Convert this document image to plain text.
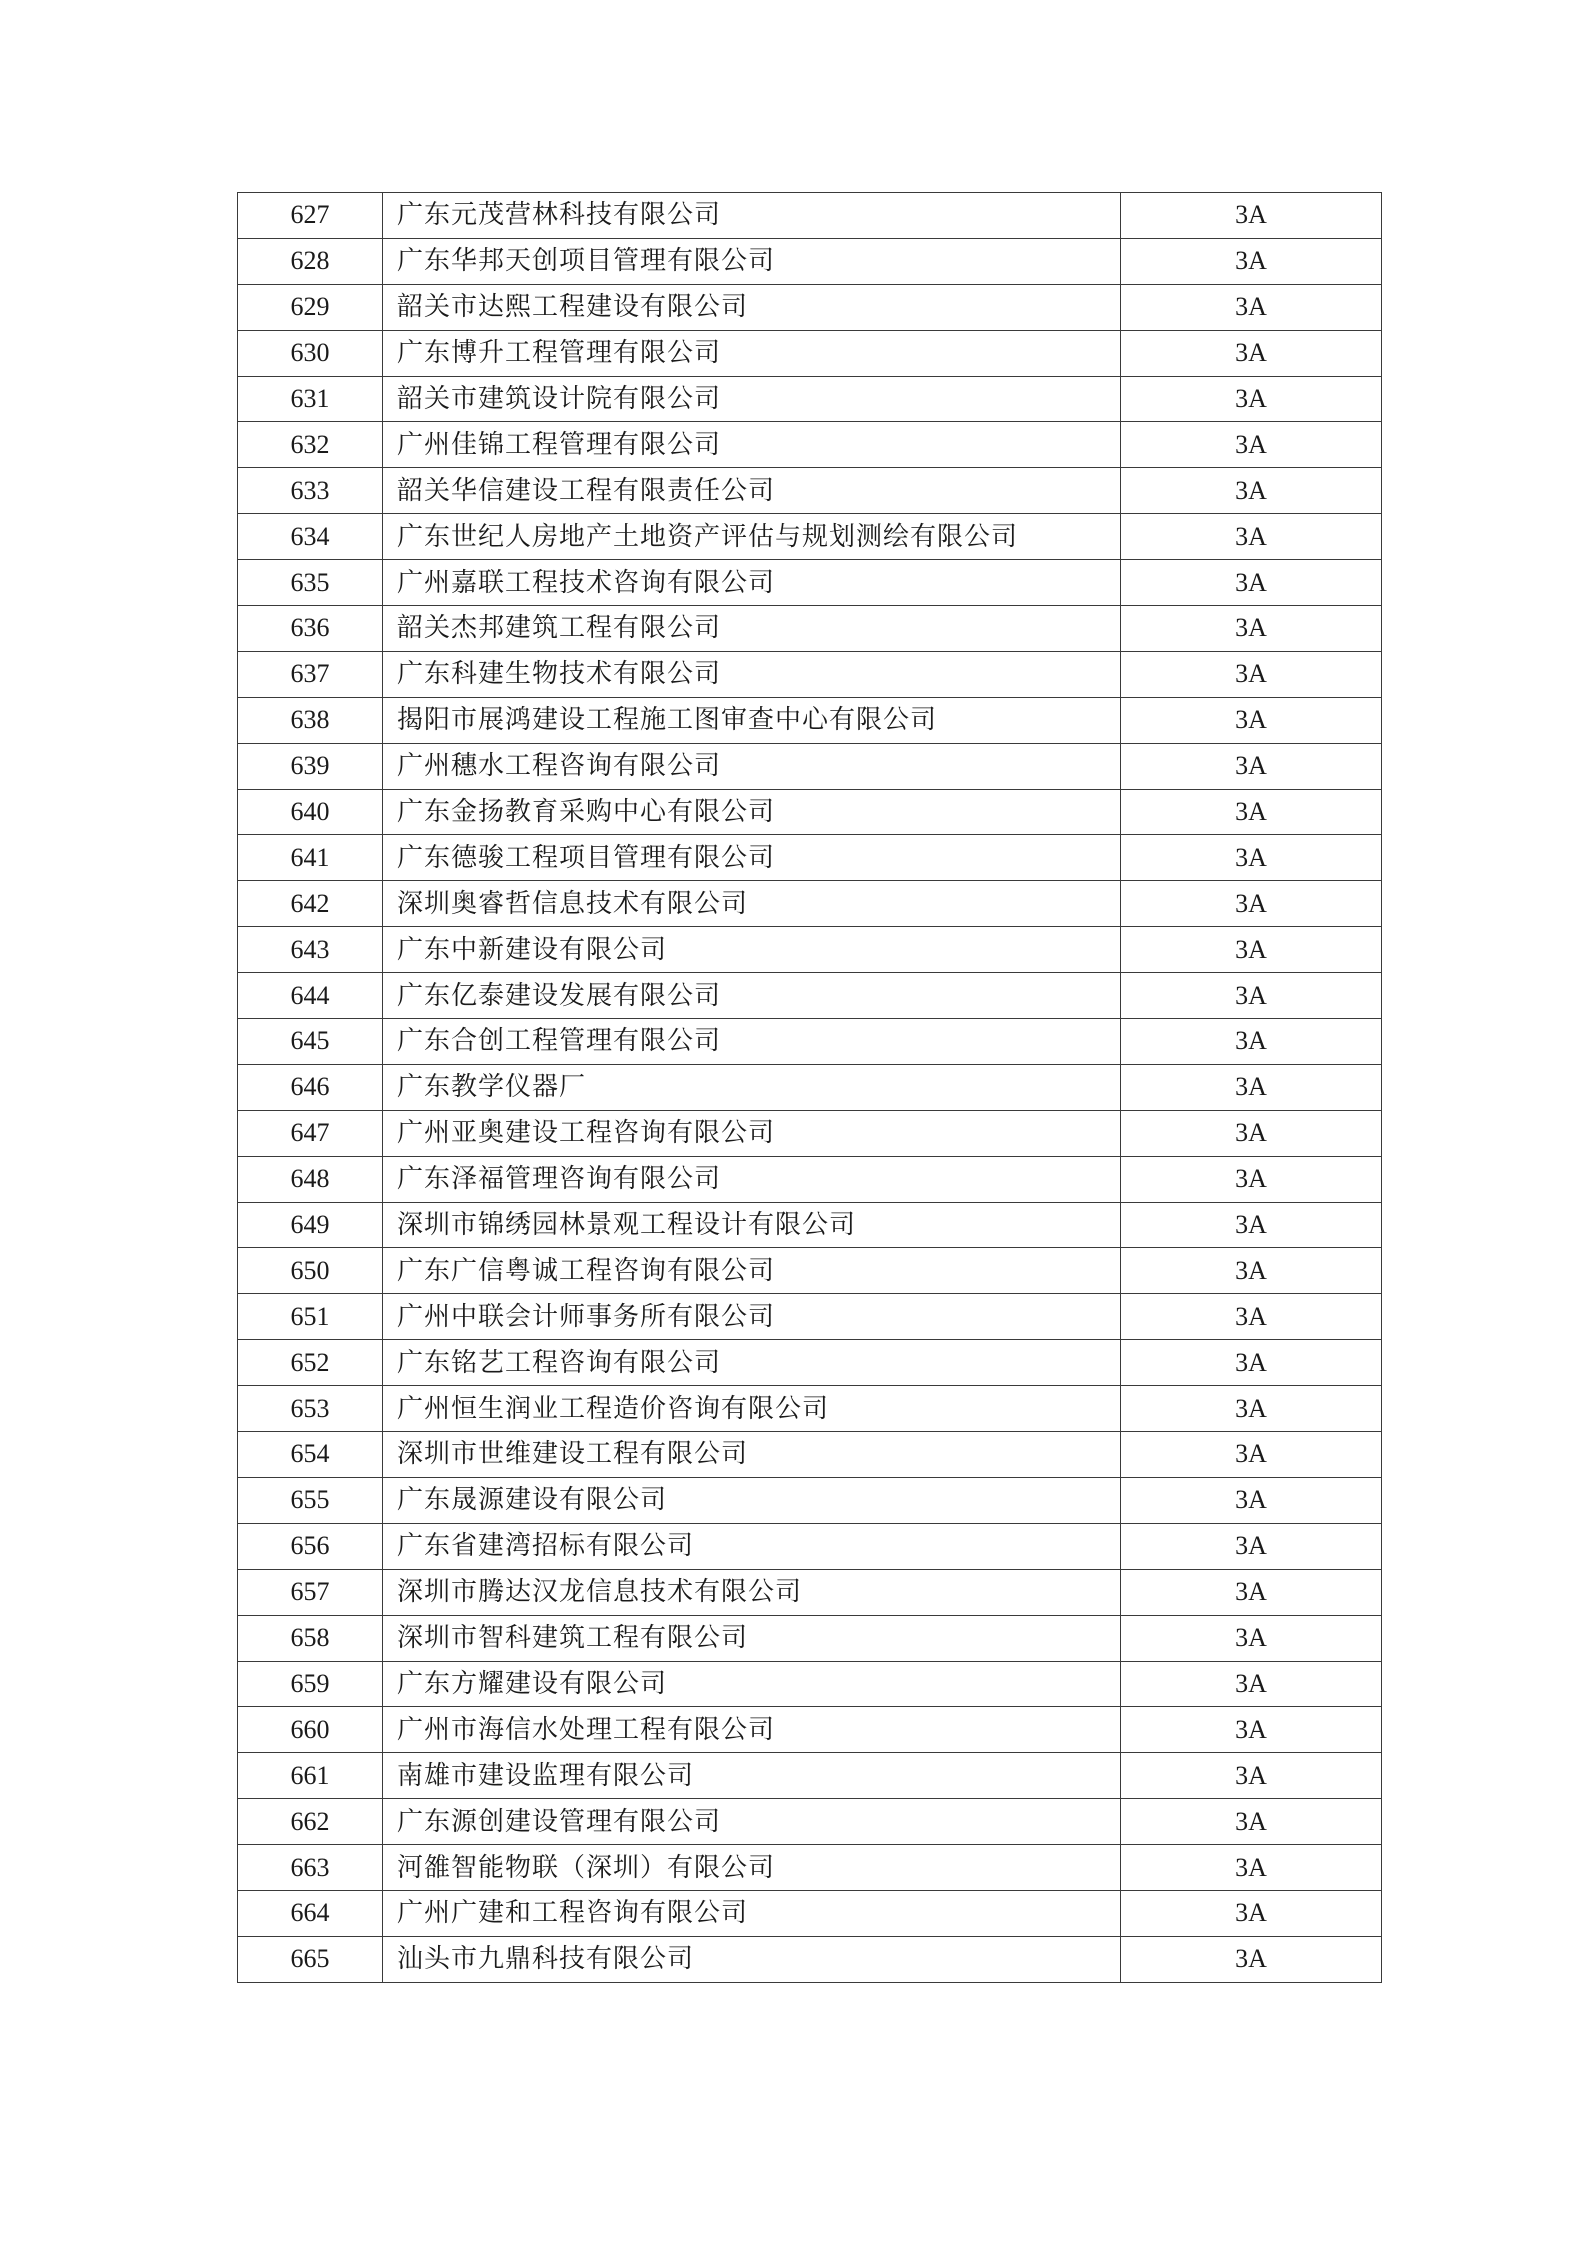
627	广东元茂营林科技有限公司	3A
628	广东华邦天创项目管理有限公司	3A
629	韶关市达熙工程建设有限公司	3A
630	广东博升工程管理有限公司	3A
631	韶关市建筑设计院有限公司	3A
632	广州佳锦工程管理有限公司	3A
633	韶关华信建设工程有限责任公司	3A
634	广东世纪人房地产土地资产评估与规划测绘有限公司	3A
635	广州嘉联工程技术咨询有限公司	3A
636	韶关杰邦建筑工程有限公司	3A
637	广东科建生物技术有限公司	3A
638	揭阳市展鸿建设工程施工图审查中心有限公司	3A
639	广州穗水工程咨询有限公司	3A
640	广东金扬教育采购中心有限公司	3A
641	广东德骏工程项目管理有限公司	3A
642	深圳奥睿哲信息技术有限公司	3A
643	广东中新建设有限公司	3A
644	广东亿泰建设发展有限公司	3A
645	广东合创工程管理有限公司	3A
646	广东教学仪器厂	3A
647	广州亚奥建设工程咨询有限公司	3A
648	广东泽福管理咨询有限公司	3A
649	深圳市锦绣园林景观工程设计有限公司	3A
650	广东广信粤诚工程咨询有限公司	3A
651	广州中联会计师事务所有限公司	3A
652	广东铭艺工程咨询有限公司	3A
653	广州恒生润业工程造价咨询有限公司	3A
654	深圳市世维建设工程有限公司	3A
655	广东晟源建设有限公司	3A
656	广东省建湾招标有限公司	3A
657	深圳市腾达汉龙信息技术有限公司	3A
658	深圳市智科建筑工程有限公司	3A
659	广东方耀建设有限公司	3A
660	广州市海信水处理工程有限公司	3A
661	南雄市建设监理有限公司	3A
662	广东源创建设管理有限公司	3A
663	河雒智能物联（深圳）有限公司	3A
664	广州广建和工程咨询有限公司	3A
665	汕头市九鼎科技有限公司	3A
